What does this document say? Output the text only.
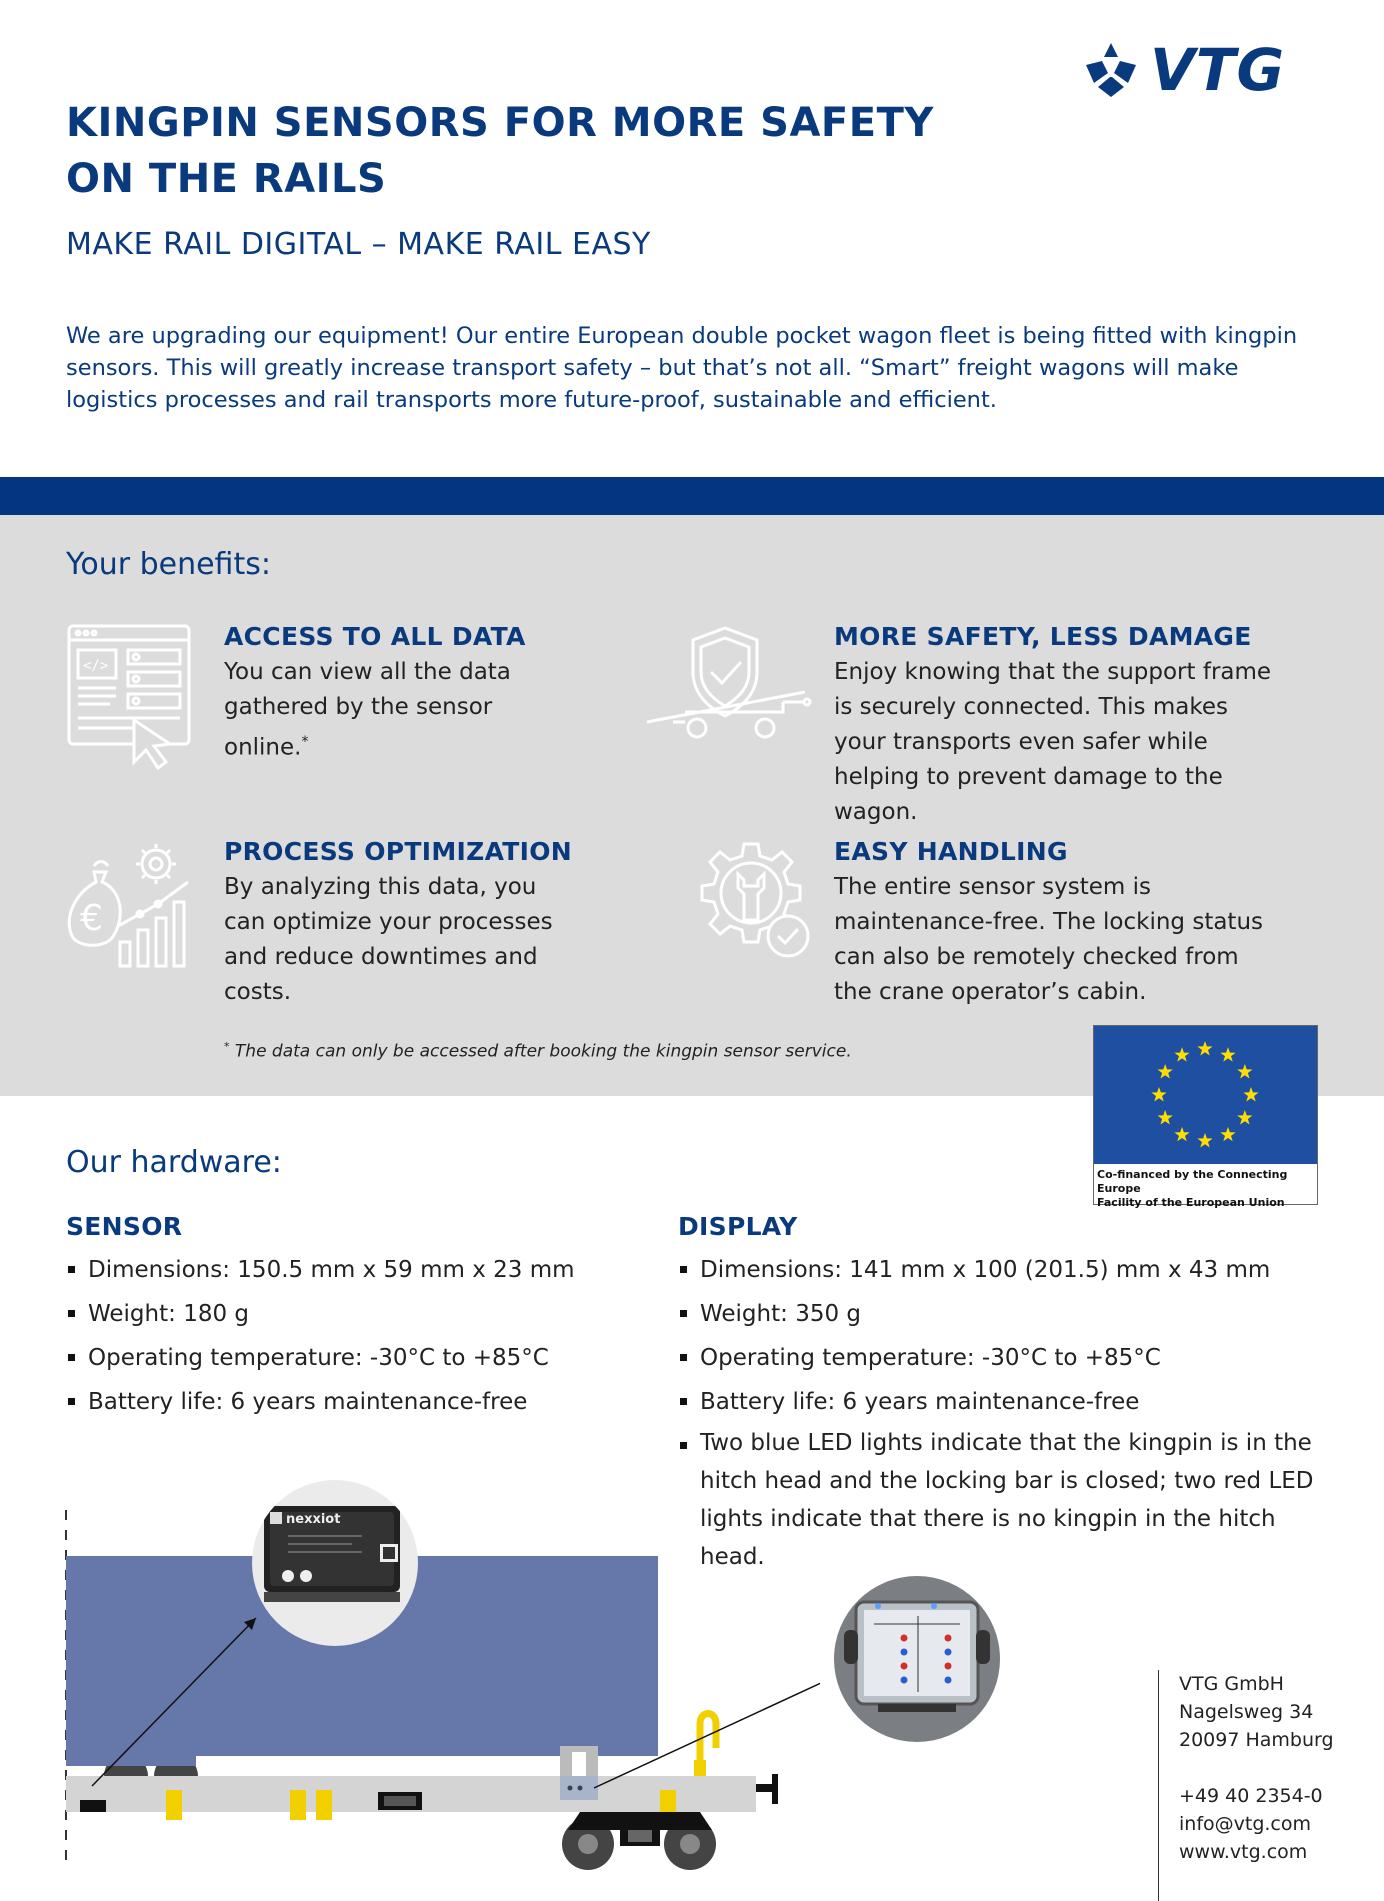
VTG
KINGPIN SENSORS FOR MORE SAFETY
ON THE RAILS
MAKE RAIL DIGITAL – MAKE RAIL EASY
We are upgrading our equipment! Our entire European double pocket wagon fleet is being fitted with kingpin sensors. This will greatly increase transport safety – but that’s not all. “Smart” freight wagons will make logistics processes and rail transports more future-proof, sustainable and efficient.
Your benefits:
</>
ACCESS TO ALL DATA
You can view all the data gathered by the sensor online.*
MORE SAFETY, LESS DAMAGE
Enjoy knowing that the support frame is securely connected. This makes your transports even safer while helping to prevent damage to the wagon.
€
PROCESS OPTIMIZATION
By analyzing this data, you can optimize your processes and reduce downtimes and costs.
EASY HANDLING
The entire sensor system is maintenance-free. The locking status can also be remotely checked from the crane operator’s cabin.
* The data can only be accessed after booking the kingpin sensor service.
Co-financed by the Connecting Europe
Facility of the European Union
Our hardware:
SENSOR
Dimensions: 150.5 mm x 59 mm x 23 mm
Weight: 180 g
Operating temperature: -30°C to +85°C
Battery life: 6 years maintenance-free
DISPLAY
Dimensions: 141 mm x 100 (201.5) mm x 43 mm
Weight: 350 g
Operating temperature: -30°C to +85°C
Battery life: 6 years maintenance-free
Two blue LED lights indicate that the kingpin is in the hitch head and the locking bar is closed; two red LED lights indicate that there is no kingpin in the hitch head.
nexxiot
VTG GmbH
Nagelsweg 34
20097 Hamburg
+49 40 2354-0
info@vtg.com
www.vtg.com
